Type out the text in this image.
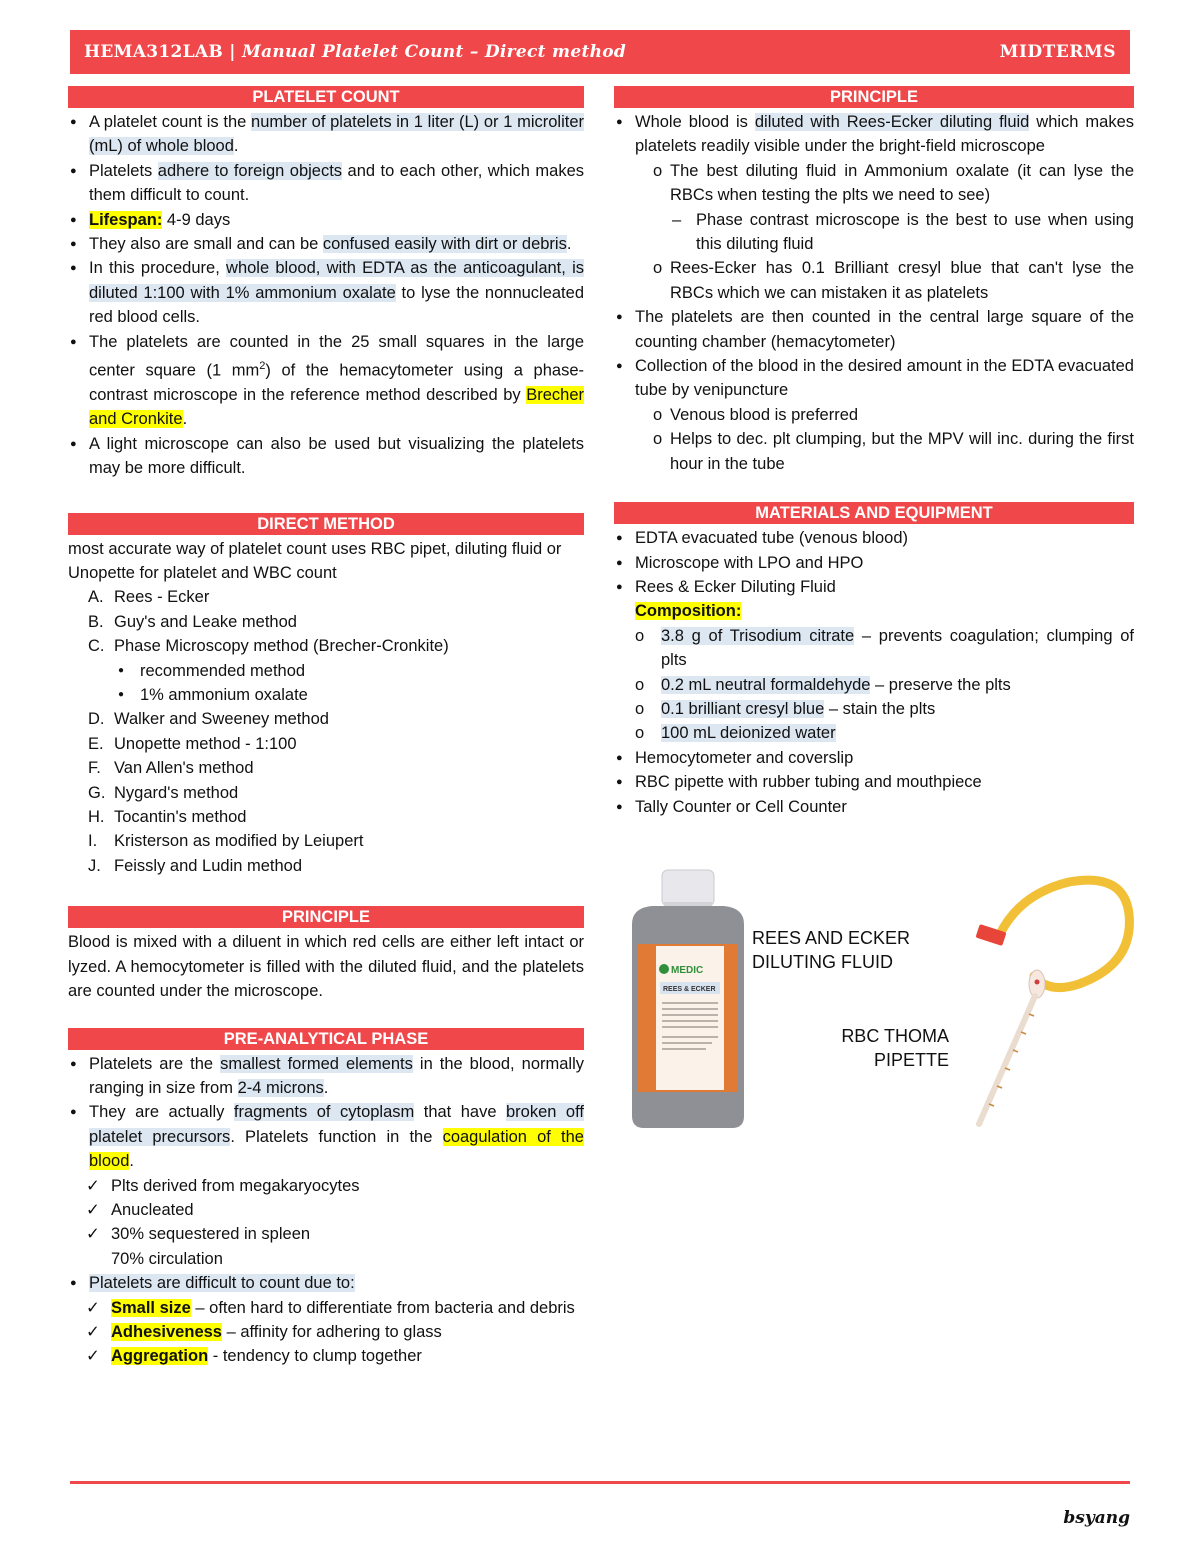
HEMA312LAB | Manual Platelet Count – Direct method	MIDTERMS
PLATELET COUNT
● A platelet count is the number of platelets in 1 liter (L) or 1 microliter (mL) of whole blood.
● Platelets adhere to foreign objects and to each other, which makes them difficult to count.
● Lifespan: 4-9 days
● They also are small and can be confused easily with dirt or debris.
● In this procedure, whole blood, with EDTA as the anticoagulant, is diluted 1:100 with 1% ammonium oxalate to lyse the nonnucleated red blood cells.
● The platelets are counted in the 25 small squares in the large center square (1 $mm^2$) of the hemacytometer using a phase-contrast microscope in the reference method described by Brecher and Cronkite.
● A light microscope can also be used but visualizing the platelets may be more difficult.
DIRECT METHOD
most accurate way of platelet count uses RBC pipet, diluting fluid or Unopette for platelet and WBC count
A. Rees - Ecker
B. Guy's and Leake method
C. Phase Microscopy method (Brecher-Cronkite)
● recommended method
● 1% ammonium oxalate
D. Walker and Sweeney method
E. Unopette method - 1:100
F. Van Allen's method
G. Nygard's method
H. Tocantin's method
I. Kristerson as modified by Leiupert
J. Feissly and Ludin method
PRINCIPLE
Blood is mixed with a diluent in which red cells are either left intact or lyzed. A hemocytometer is filled with the diluted fluid, and the platelets are counted under the microscope.
PRE-ANALYTICAL PHASE
● Platelets are the smallest formed elements in the blood, normally ranging in size from 2-4 microns.
● They are actually fragments of cytoplasm that have broken off platelet precursors. Platelets function in the coagulation of the blood.
✓ Plts derived from megakaryocytes
✓ Anucleated
✓ 30% sequestered in spleen
70% circulation
● Platelets are difficult to count due to:
✓ Small size – often hard to differentiate from bacteria and debris
✓ Adhesiveness – affinity for adhering to glass
✓ Aggregation - tendency to clump together
PRINCIPLE
● Whole blood is diluted with Rees-Ecker diluting fluid which makes platelets readily visible under the bright-field microscope
o The best diluting fluid in Ammonium oxalate (it can lyse the RBCs when testing the plts we need to see)
– Phase contrast microscope is the best to use when using this diluting fluid
o Rees-Ecker has 0.1 Brilliant cresyl blue that can't lyse the RBCs which we can mistaken it as platelets
● The platelets are then counted in the central large square of the counting chamber (hemacytometer)
● Collection of the blood in the desired amount in the EDTA evacuated tube by venipuncture
o Venous blood is preferred
o Helps to dec. plt clumping, but the MPV will inc. during the first hour in the tube
MATERIALS AND EQUIPMENT
● EDTA evacuated tube (venous blood)
● Microscope with LPO and HPO
● Rees & Ecker Diluting Fluid
Composition:
o 3.8 g of Trisodium citrate – prevents coagulation; clumping of plts
o 0.2 mL neutral formaldehyde – preserve the plts
o 0.1 brilliant cresyl blue – stain the plts
o 100 mL deionized water
● Hemocytometer and coverslip
● RBC pipette with rubber tubing and mouthpiece
● Tally Counter or Cell Counter
MEDIC
REES & ECKER
REES AND ECKER
DILUTING FLUID
RBC THOMA
PIPETTE
bsyang
